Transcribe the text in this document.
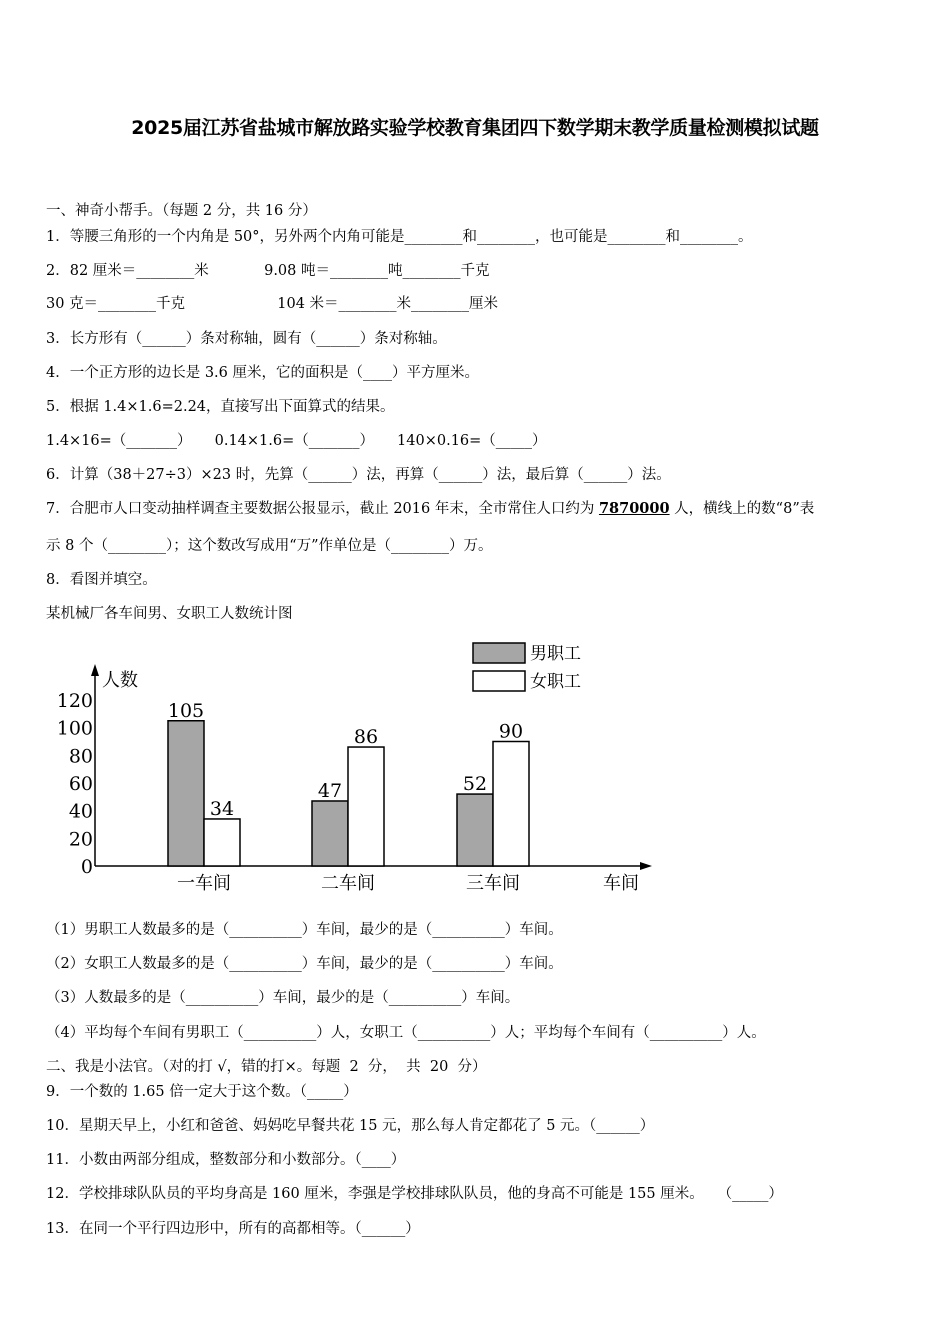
2025届江苏省盐城市解放路实验学校教育集团四下数学期末教学质量检测模拟试题
一、神奇小帮手。（每题 2 分，共 16 分）
1．等腰三角形的一个内角是 50°，另外两个内角可能是________和________，也可能是________和________。
2．82 厘米＝________米            9.08 吨＝________吨________千克
30 克＝________千克                    104 米＝________米________厘米
3．长方形有（______）条对称轴，圆有（______）条对称轴。
4．一个正方形的边长是 3.6 厘米，它的面积是（____）平方厘米。
5．根据 1.4×1.6=2.24，直接写出下面算式的结果。
1.4×16=（_______）     0.14×1.6=（_______）     140×0.16=（_____）
6．计算（38＋27÷3）×23 时，先算（______）法，再算（______）法，最后算（______）法。
7．合肥市人口变动抽样调查主要数据公报显示，截止 2016 年末，全市常住人口约为 7870000 人，横线上的数“8”表
示 8 个（________）；这个数改写成用“万”作单位是（________）万。
8．看图并填空。
某机械厂各车间男、女职工人数统计图
人数
车间
0
20
40
60
80
100
120
一车间
105
34
二车间
47
86
三车间
52
90
男职工
女职工
（1）男职工人数最多的是（__________）车间，最少的是（__________）车间。
（2）女职工人数最多的是（__________）车间，最少的是（__________）车间。
（3）人数最多的是（__________）车间，最少的是（__________）车间。
（4）平均每个车间有男职工（__________）人，女职工（__________）人；平均每个车间有（__________）人。
二、我是小法官。（对的打 √，错的打×。每题  2  分，  共  20  分）
9．一个数的 1.65 倍一定大于这个数。（_____）
10．星期天早上，小红和爸爸、妈妈吃早餐共花 15 元，那么每人肯定都花了 5 元。（______）
11．小数由两部分组成，整数部分和小数部分。（____）
12．学校排球队队员的平均身高是 160 厘米，李强是学校排球队队员，他的身高不可能是 155 厘米。   （_____）
13．在同一个平行四边形中，所有的高都相等。（______）
